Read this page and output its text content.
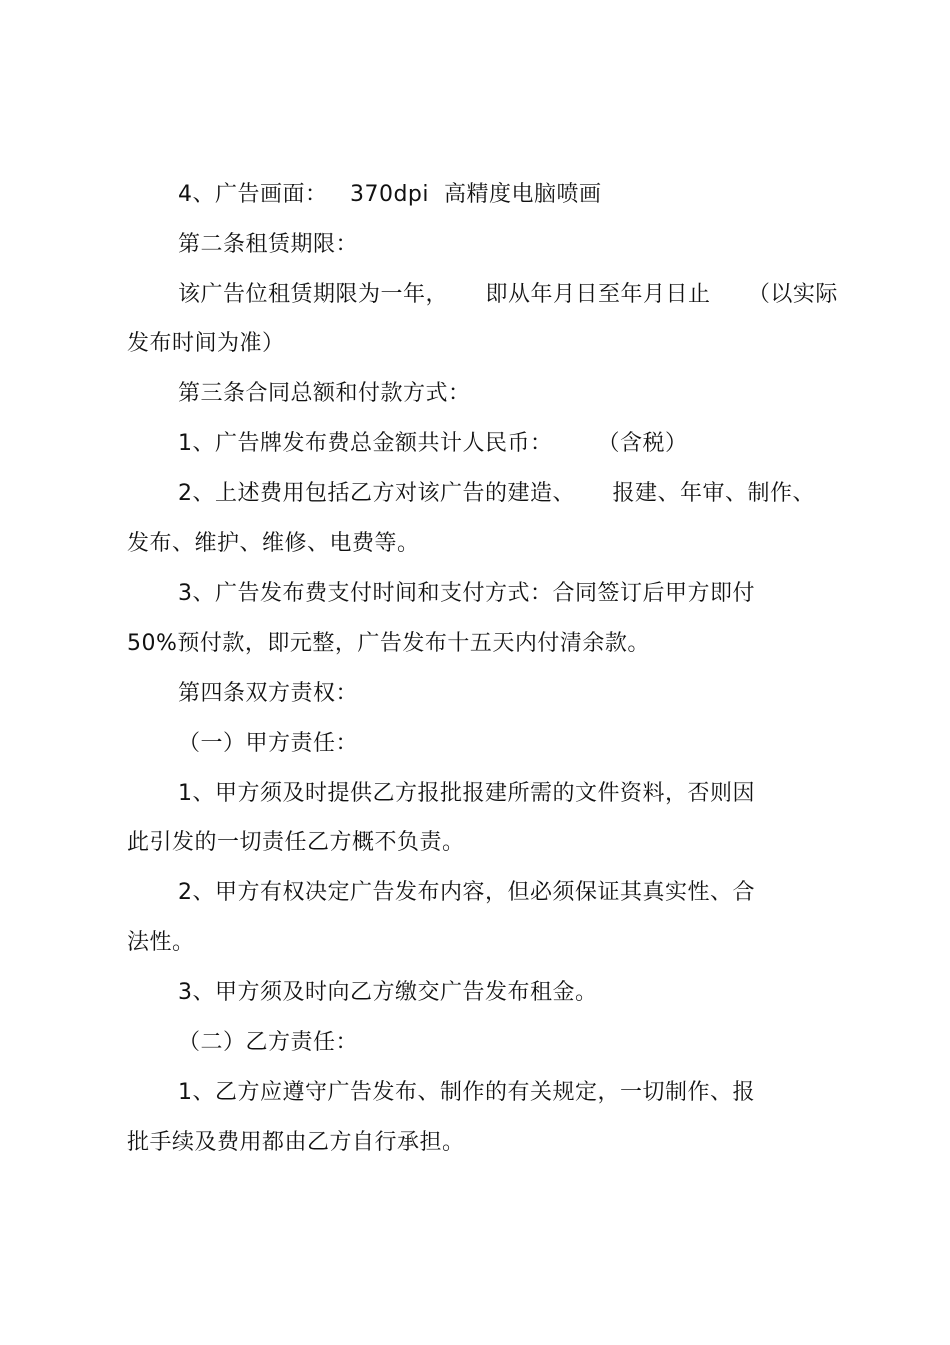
4、广告画面：   370dpi  高精度电脑喷画
第二条租赁期限：
该广告位租赁期限为一年，     即从年月日至年月日止     （以实际
发布时间为准）
第三条合同总额和付款方式：
1、广告牌发布费总金额共计人民币：      （含税）
2、上述费用包括乙方对该广告的建造、     报建、年审、制作、
发布、维护、维修、电费等。
3、广告发布费支付时间和支付方式：合同签订后甲方即付
50%预付款，即元整，广告发布十五天内付清余款。
第四条双方责权：
（一）甲方责任：
1、甲方须及时提供乙方报批报建所需的文件资料，否则因
此引发的一切责任乙方概不负责。
2、甲方有权决定广告发布内容，但必须保证其真实性、合
法性。
3、甲方须及时向乙方缴交广告发布租金。
（二）乙方责任：
1、乙方应遵守广告发布、制作的有关规定，一切制作、报
批手续及费用都由乙方自行承担。
